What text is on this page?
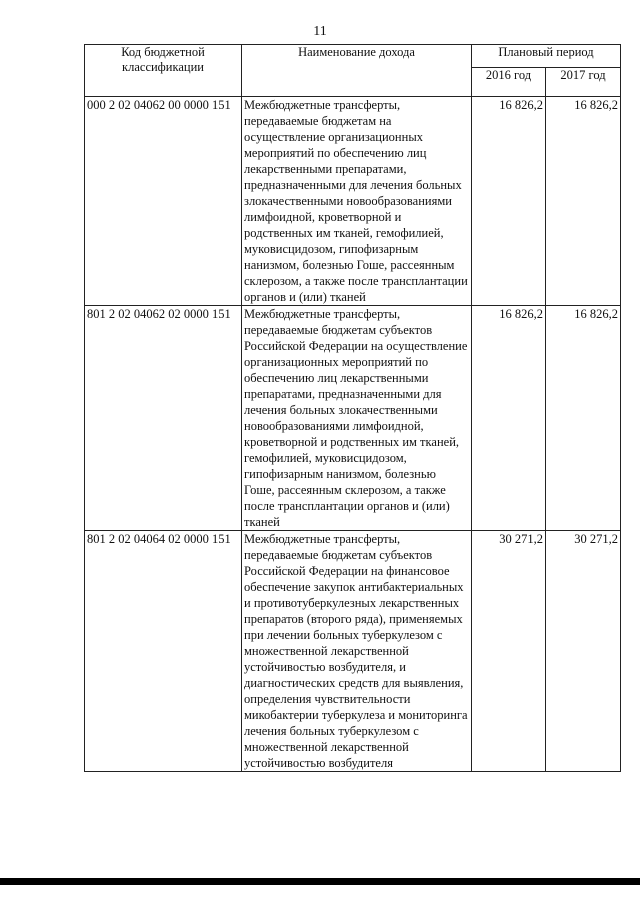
11
Код бюджетной классификации	Наименование дохода	Плановый период	
		2016 год	2017 год
000 2 02 04062 00 0000 151	Межбюджетные трансферты, передаваемые бюджетам на осуществление организационных мероприятий по обеспечению лиц лекарственными препаратами, предназначенными для лечения больных злокачественными новообразованиями лимфоидной, кроветворной и родственных им тканей, гемофилией, муковисцидозом, гипофизарным нанизмом, болезнью Гоше, рассеянным склерозом, а также после трансплантации органов и (или) тканей	16 826,2	16 826,2
801 2 02 04062 02 0000 151	Межбюджетные трансферты, передаваемые бюджетам субъектов Российской Федерации на осуществление организационных мероприятий по обеспечению лиц лекарственными препаратами, предназначенными для лечения больных злокачественными новообразованиями лимфоидной, кроветворной и родственных им тканей, гемофилией, муковисцидозом, гипофизарным нанизмом, болезнью Гоше, рассеянным склерозом, а также после трансплантации органов и (или) тканей	16 826,2	16 826,2
801 2 02 04064 02 0000 151	Межбюджетные трансферты, передаваемые бюджетам субъектов Российской Федерации на финансовое обеспечение закупок антибактериальных и противотуберкулезных лекарственных препаратов (второго ряда), применяемых при лечении больных туберкулезом с множественной лекарственной устойчивостью возбудителя, и диагностических средств для выявления, определения чувствительности микобактерии туберкулеза и мониторинга лечения больных туберкулезом с множественной лекарственной устойчивостью возбудителя	30 271,2	30 271,2
